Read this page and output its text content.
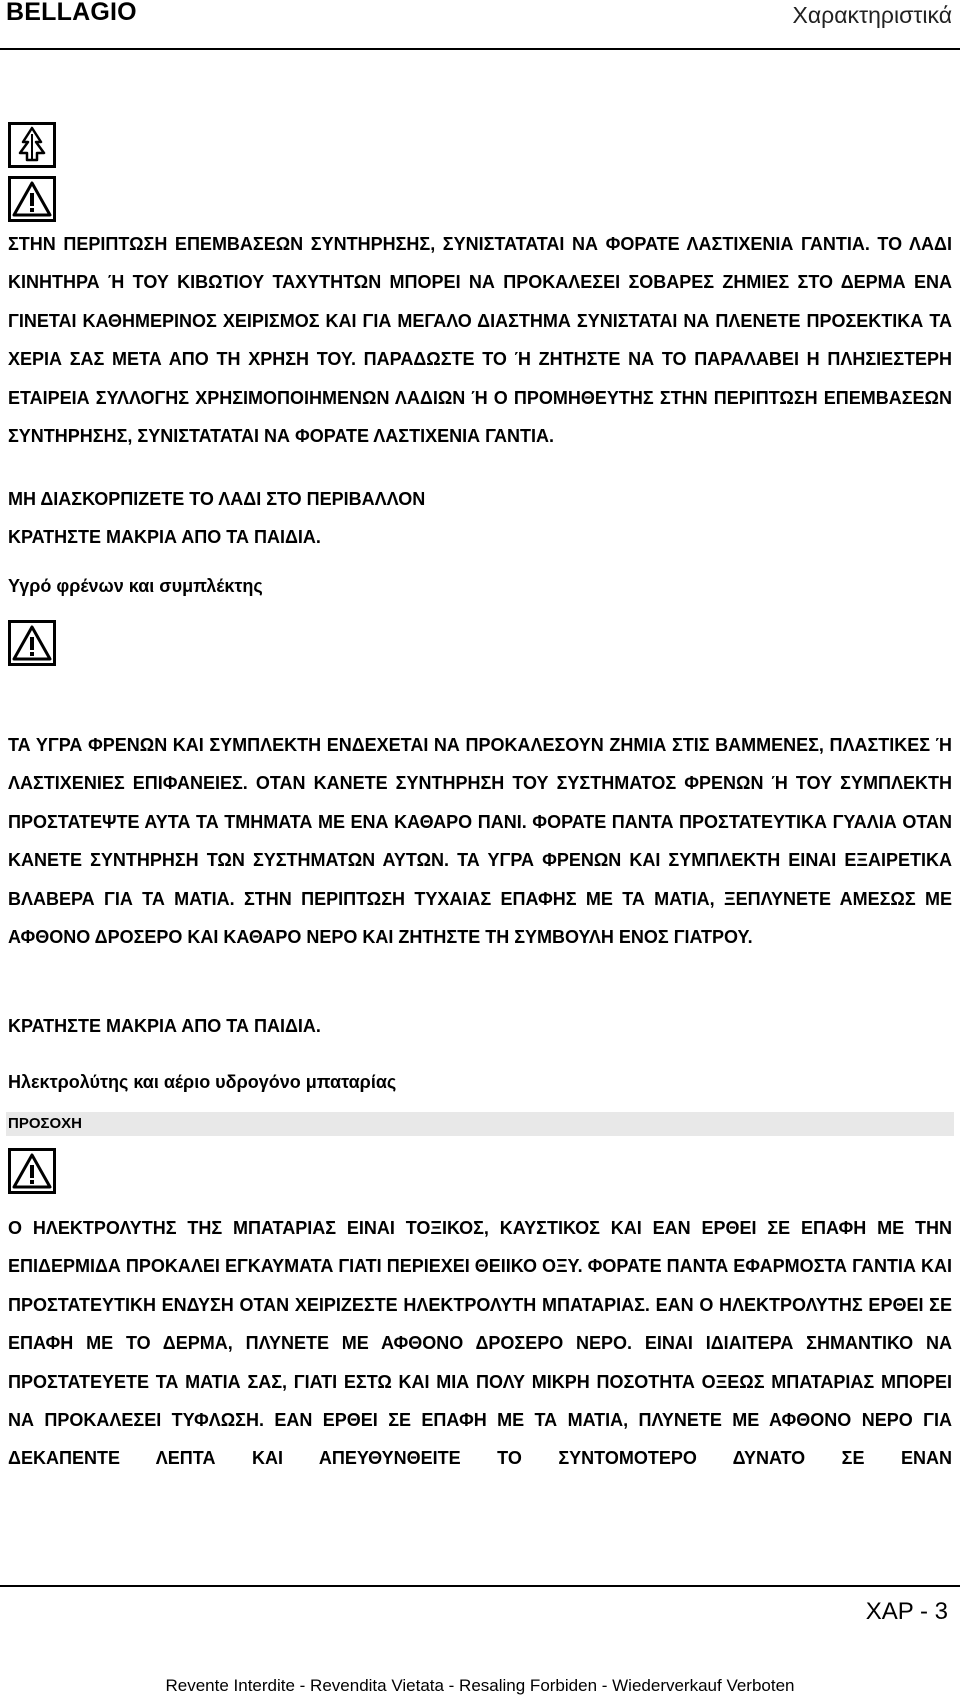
BELLAGIO	Χαρακτηριστικά
ΣΤΗΝ ΠΕΡΙΠΤΩΣΗ ΕΠΕΜΒΑΣΕΩΝ ΣΥΝΤΗΡΗΣΗΣ, ΣΥΝΙΣΤΑΤΑΤΑΙ ΝΑ ΦΟΡΑΤΕ ΛΑΣΤΙΧΕΝΙΑ ΓΑΝΤΙΑ. ΤΟ ΛΑΔΙ ΚΙΝΗΤΗΡΑ Ή ΤΟΥ ΚΙΒΩΤΙΟΥ ΤΑΧΥΤΗΤΩΝ ΜΠΟΡΕΙ ΝΑ ΠΡΟΚΑΛΕΣΕΙ ΣΟΒΑΡΕΣ ΖΗΜΙΕΣ ΣΤΟ ΔΕΡΜΑ ΕΝΑ ΓΙΝΕΤΑΙ ΚΑΘΗΜΕΡΙΝΟΣ ΧΕΙΡΙΣΜΟΣ ΚΑΙ ΓΙΑ ΜΕΓΑΛΟ ΔΙΑΣΤΗΜΑ ΣΥΝΙΣΤΑΤΑΙ ΝΑ ΠΛΕΝΕΤΕ ΠΡΟΣΕΚΤΙΚΑ ΤΑ ΧΕΡΙΑ ΣΑΣ ΜΕΤΑ ΑΠΟ ΤΗ ΧΡΗΣΗ ΤΟΥ. ΠΑΡΑΔΩΣΤΕ ΤΟ Ή ΖΗΤΗΣΤΕ ΝΑ ΤΟ ΠΑΡΑΛΑΒΕΙ Η ΠΛΗΣΙΕΣΤΕΡΗ ΕΤΑΙΡΕΙΑ ΣΥΛΛΟΓΗΣ ΧΡΗΣΙΜΟΠΟΙΗΜΕΝΩΝ ΛΑΔΙΩΝ Ή Ο ΠΡΟΜΗΘΕΥΤΗΣ ΣΤΗΝ ΠΕΡΙΠΤΩΣΗ ΕΠΕΜΒΑΣΕΩΝ ΣΥΝΤΗΡΗΣΗΣ, ΣΥΝΙΣΤΑΤΑΤΑΙ ΝΑ ΦΟΡΑΤΕ ΛΑΣΤΙΧΕΝΙΑ ΓΑΝΤΙΑ.
ΜΗ ΔΙΑΣΚΟΡΠΙΖΕΤΕ ΤΟ ΛΑΔΙ ΣΤΟ ΠΕΡΙΒΑΛΛΟΝ
ΚΡΑΤΗΣΤΕ ΜΑΚΡΙΑ ΑΠΟ ΤΑ ΠΑΙΔΙΑ.
Υγρό φρένων και συμπλέκτης
ΤΑ ΥΓΡΑ ΦΡΕΝΩΝ ΚΑΙ ΣΥΜΠΛΕΚΤΗ ΕΝΔΕΧΕΤΑΙ ΝΑ ΠΡΟΚΑΛΕΣΟΥΝ ΖΗΜΙΑ ΣΤΙΣ ΒΑΜΜΕΝΕΣ, ΠΛΑΣΤΙΚΕΣ Ή ΛΑΣΤΙΧΕΝΙΕΣ ΕΠΙΦΑΝΕΙΕΣ. ΟΤΑΝ ΚΑΝΕΤΕ ΣΥΝΤΗΡΗΣΗ ΤΟΥ ΣΥΣΤΗΜΑΤΟΣ ΦΡΕΝΩΝ Ή ΤΟΥ ΣΥΜΠΛΕΚΤΗ ΠΡΟΣΤΑΤΕΨΤΕ ΑΥΤΑ ΤΑ ΤΜΗΜΑΤΑ ΜΕ ΕΝΑ ΚΑΘΑΡΟ ΠΑΝΙ. ΦΟΡΑΤΕ ΠΑΝΤΑ ΠΡΟΣΤΑΤΕΥΤΙΚΑ ΓΥΑΛΙΑ ΟΤΑΝ ΚΑΝΕΤΕ ΣΥΝΤΗΡΗΣΗ ΤΩΝ ΣΥΣΤΗΜΑΤΩΝ ΑΥΤΩΝ. ΤΑ ΥΓΡΑ ΦΡΕΝΩΝ ΚΑΙ ΣΥΜΠΛΕΚΤΗ ΕΙΝΑΙ ΕΞΑΙΡΕΤΙΚΑ ΒΛΑΒΕΡΑ ΓΙΑ ΤΑ ΜΑΤΙΑ. ΣΤΗΝ ΠΕΡΙΠΤΩΣΗ ΤΥΧΑΙΑΣ ΕΠΑΦΗΣ ΜΕ ΤΑ ΜΑΤΙΑ, ΞΕΠΛΥΝΕΤΕ ΑΜΕΣΩΣ ΜΕ ΑΦΘΟΝΟ ΔΡΟΣΕΡΟ ΚΑΙ ΚΑΘΑΡΟ ΝΕΡΟ ΚΑΙ ΖΗΤΗΣΤΕ ΤΗ ΣΥΜΒΟΥΛΗ ΕΝΟΣ ΓΙΑΤΡΟΥ.
ΚΡΑΤΗΣΤΕ ΜΑΚΡΙΑ ΑΠΟ ΤΑ ΠΑΙΔΙΑ.
Ηλεκτρολύτης και αέριο υδρογόνο μπαταρίας
ΠΡΟΣΟΧΗ
Ο ΗΛΕΚΤΡΟΛΥΤΗΣ ΤΗΣ ΜΠΑΤΑΡΙΑΣ ΕΙΝΑΙ ΤΟΞΙΚΟΣ, ΚΑΥΣΤΙΚΟΣ ΚΑΙ ΕΑΝ ΕΡΘΕΙ ΣΕ ΕΠΑΦΗ ΜΕ ΤΗΝ ΕΠΙΔΕΡΜΙΔΑ ΠΡΟΚΑΛΕΙ ΕΓΚΑΥΜΑΤΑ ΓΙΑΤΙ ΠΕΡΙΕΧΕΙ ΘΕΙΙΚΟ ΟΞΥ. ΦΟΡΑΤΕ ΠΑΝΤΑ ΕΦΑΡΜΟΣΤΑ ΓΑΝΤΙΑ ΚΑΙ ΠΡΟΣΤΑΤΕΥΤΙΚΗ ΕΝΔΥΣΗ ΟΤΑΝ ΧΕΙΡΙΖΕΣΤΕ ΗΛΕΚΤΡΟΛΥΤΗ ΜΠΑΤΑΡΙΑΣ. ΕΑΝ Ο ΗΛΕΚΤΡΟΛΥΤΗΣ ΕΡΘΕΙ ΣΕ ΕΠΑΦΗ ΜΕ ΤΟ ΔΕΡΜΑ, ΠΛΥΝΕΤΕ ΜΕ ΑΦΘΟΝΟ ΔΡΟΣΕΡΟ ΝΕΡΟ. ΕΙΝΑΙ ΙΔΙΑΙΤΕΡΑ ΣΗΜΑΝΤΙΚΟ ΝΑ ΠΡΟΣΤΑΤΕΥΕΤΕ ΤΑ ΜΑΤΙΑ ΣΑΣ, ΓΙΑΤΙ ΕΣΤΩ ΚΑΙ ΜΙΑ ΠΟΛΥ ΜΙΚΡΗ ΠΟΣΟΤΗΤΑ ΟΞΕΩΣ ΜΠΑΤΑΡΙΑΣ ΜΠΟΡΕΙ ΝΑ ΠΡΟΚΑΛΕΣΕΙ ΤΥΦΛΩΣΗ. ΕΑΝ ΕΡΘΕΙ ΣΕ ΕΠΑΦΗ ΜΕ ΤΑ ΜΑΤΙΑ, ΠΛΥΝΕΤΕ ΜΕ ΑΦΘΟΝΟ ΝΕΡΟ ΓΙΑ ΔΕΚΑΠΕΝΤΕ ΛΕΠΤΑ ΚΑΙ ΑΠΕΥΘΥΝΘΕΙΤΕ ΤΟ ΣΥΝΤΟΜΟΤΕΡΟ ΔΥΝΑΤΟ ΣΕ ΕΝΑΝ
ΧΑΡ - 3
Revente Interdite - Revendita Vietata - Resaling Forbiden - Wiederverkauf Verboten
